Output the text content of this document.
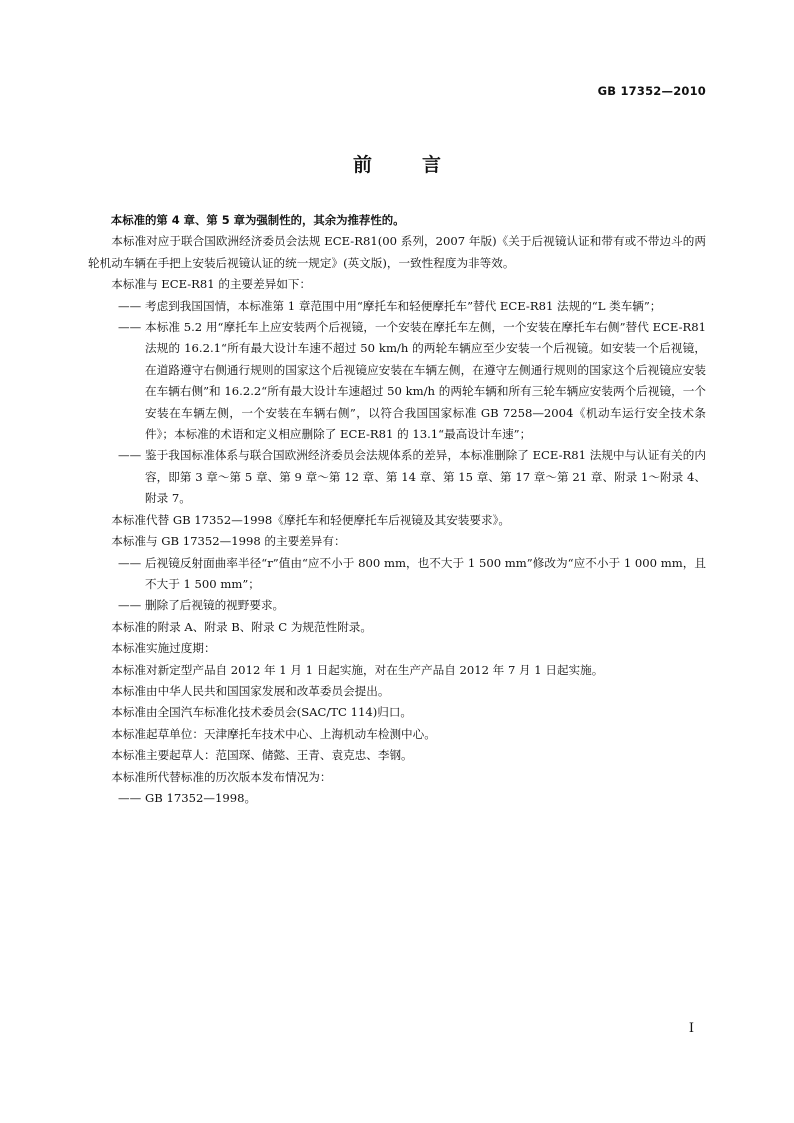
GB 17352—2010
前	言

本标准的第 4 章、第 5 章为强制性的，其余为推荐性的。

本标准对应于联合国欧洲经济委员会法规 ECE-R81(00 系列，2007 年版)《关于后视镜认证和带有或不带边斗的两轮机动车辆在手把上安装后视镜认证的统一规定》(英文版)，一致性程度为非等效。

本标准与 ECE-R81 的主要差异如下：

—— 考虑到我国国情，本标准第 1 章范围中用“摩托车和轻便摩托车”替代 ECE-R81 法规的“L 类车辆”；

—— 本标准 5.2 用“摩托车上应安装两个后视镜，一个安装在摩托车左侧，一个安装在摩托车右侧”替代 ECE-R81 法规的 16.2.1“所有最大设计车速不超过 50 km/h 的两轮车辆应至少安装一个后视镜。如安装一个后视镜，在道路遵守右侧通行规则的国家这个后视镜应安装在车辆左侧，在遵守左侧通行规则的国家这个后视镜应安装在车辆右侧”和 16.2.2“所有最大设计车速超过 50 km/h 的两轮车辆和所有三轮车辆应安装两个后视镜，一个安装在车辆左侧，一个安装在车辆右侧”，以符合我国国家标准 GB 7258—2004《机动车运行安全技术条件》；本标准的术语和定义相应删除了 ECE-R81 的 13.1“最高设计车速”；

—— 鉴于我国标准体系与联合国欧洲经济委员会法规体系的差异，本标准删除了 ECE-R81 法规中与认证有关的内容，即第 3 章～第 5 章、第 9 章～第 12 章、第 14 章、第 15 章、第 17 章～第 21 章、附录 1～附录 4、附录 7。

本标准代替 GB 17352—1998《摩托车和轻便摩托车后视镜及其安装要求》。

本标准与 GB 17352—1998 的主要差异有：

—— 后视镜反射面曲率半径“r”值由“应不小于 800 mm，也不大于 1 500 mm”修改为“应不小于 1 000 mm，且不大于 1 500 mm”；

—— 删除了后视镜的视野要求。

本标准的附录 A、附录 B、附录 C 为规范性附录。

本标准实施过度期：

本标准对新定型产品自 2012 年 1 月 1 日起实施，对在生产产品自 2012 年 7 月 1 日起实施。

本标准由中华人民共和国国家发展和改革委员会提出。

本标准由全国汽车标准化技术委员会(SAC/TC 114)归口。

本标准起草单位：天津摩托车技术中心、上海机动车检测中心。

本标准主要起草人：范国琛、储懿、王青、袁克忠、李钢。

本标准所代替标准的历次版本发布情况为：

—— GB 17352—1998。

I
